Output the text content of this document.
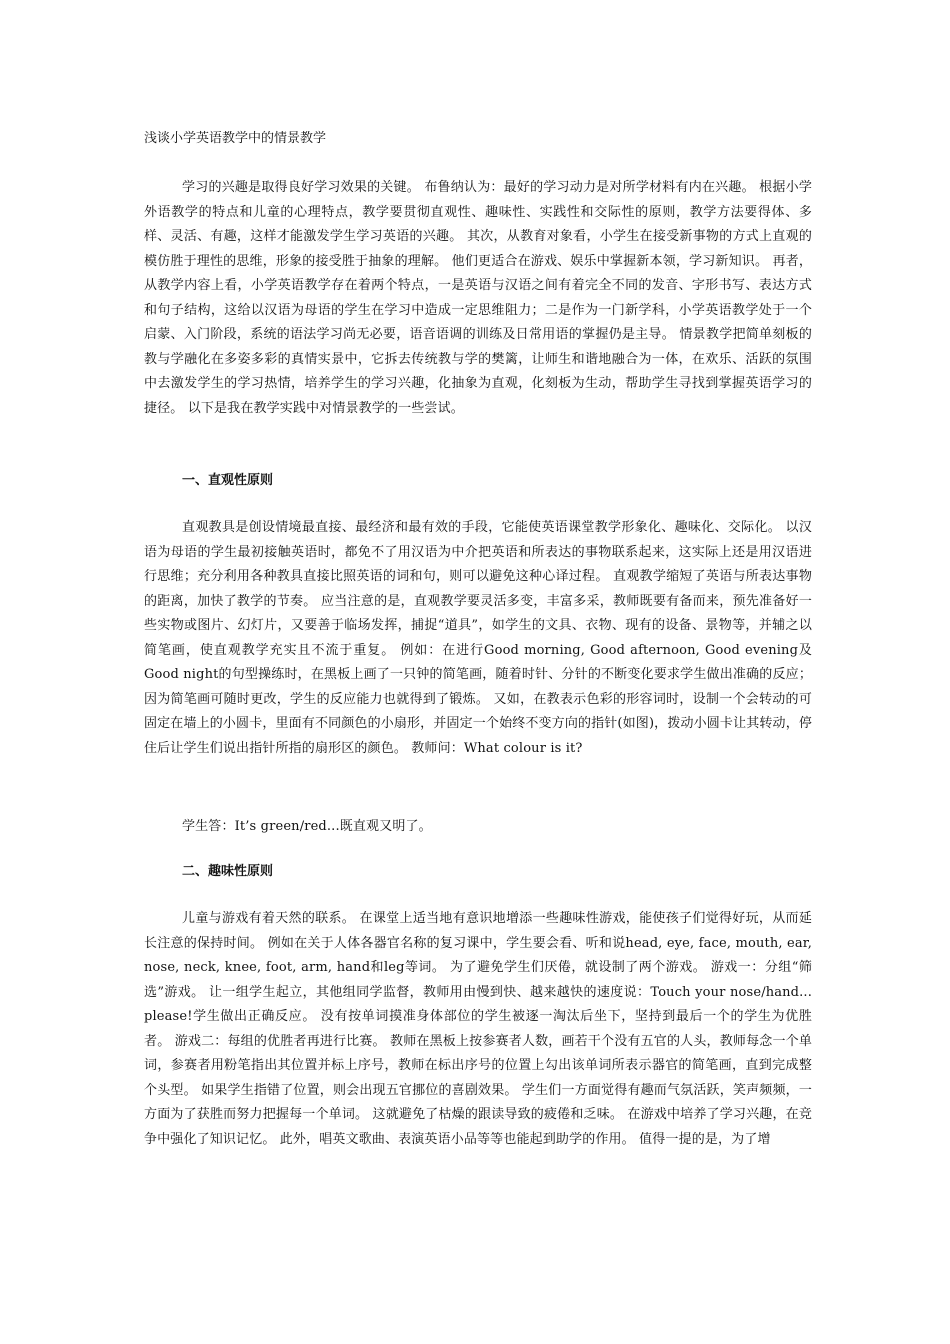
浅谈小学英语教学中的情景教学

学习的兴趣是取得良好学习效果的关键。 布鲁纳认为：最好的学习动力是对所学材料有内在兴趣。 根据小学外语教学的特点和儿童的心理特点，教学要贯彻直观性、趣味性、实践性和交际性的原则，教学方法要得体、多样、灵活、有趣，这样才能激发学生学习英语的兴趣。 其次，从教育对象看，小学生在接受新事物的方式上直观的模仿胜于理性的思维，形象的接受胜于抽象的理解。 他们更适合在游戏、娱乐中掌握新本领，学习新知识。 再者，从教学内容上看，小学英语教学存在着两个特点，一是英语与汉语之间有着完全不同的发音、字形书写、表达方式和句子结构，这给以汉语为母语的学生在学习中造成一定思维阻力；二是作为一门新学科，小学英语教学处于一个启蒙、入门阶段，系统的语法学习尚无必要，语音语调的训练及日常用语的掌握仍是主导。 情景教学把简单刻板的教与学融化在多姿多彩的真情实景中，它拆去传统教与学的樊篱，让师生和谐地融合为一体，在欢乐、活跃的氛围中去激发学生的学习热情，培养学生的学习兴趣，化抽象为直观，化刻板为生动，帮助学生寻找到掌握英语学习的捷径。 以下是我在教学实践中对情景教学的一些尝试。

一、直观性原则

直观教具是创设情境最直接、最经济和最有效的手段，它能使英语课堂教学形象化、趣味化、交际化。 以汉语为母语的学生最初接触英语时，都免不了用汉语为中介把英语和所表达的事物联系起来，这实际上还是用汉语进行思维；充分利用各种教具直接比照英语的词和句，则可以避免这种心译过程。 直观教学缩短了英语与所表达事物的距离，加快了教学的节奏。 应当注意的是，直观教学要灵活多变，丰富多采，教师既要有备而来，预先准备好一些实物或图片、幻灯片，又要善于临场发挥，捕捉“道具”，如学生的文具、衣物、现有的设备、景物等，并辅之以简笔画，使直观教学充实且不流于重复。 例如：在进行Good morning, Good afternoon, Good evening及Good night的句型操练时，在黑板上画了一只钟的简笔画，随着时针、分针的不断变化要求学生做出准确的反应； 因为简笔画可随时更改，学生的反应能力也就得到了锻炼。 又如，在教表示色彩的形容词时，设制一个会转动的可固定在墙上的小圆卡，里面有不同颜色的小扇形，并固定一个始终不变方向的指针(如图)，拨动小圆卡让其转动，停住后让学生们说出指针所指的扇形区的颜色。 教师问：What colour is it?

学生答：It’s green/red...既直观又明了。

二、趣味性原则

儿童与游戏有着天然的联系。 在课堂上适当地有意识地增添一些趣味性游戏，能使孩子们觉得好玩，从而延长注意的保持时间。 例如在关于人体各器官名称的复习课中，学生要会看、听和说head, eye, face, mouth, ear, nose, neck, knee, foot, arm, hand和leg等词。 为了避免学生们厌倦，就设制了两个游戏。 游戏一：分组“筛选”游戏。 让一组学生起立，其他组同学监督，教师用由慢到快、越来越快的速度说：Touch your nose/hand... please!学生做出正确反应。 没有按单词摸准身体部位的学生被逐一淘汰后坐下，坚持到最后一个的学生为优胜者。 游戏二：每组的优胜者再进行比赛。 教师在黑板上按参赛者人数，画若干个没有五官的人头，教师每念一个单词，参赛者用粉笔指出其位置并标上序号，教师在标出序号的位置上勾出该单词所表示器官的简笔画，直到完成整个头型。 如果学生指错了位置，则会出现五官挪位的喜剧效果。 学生们一方面觉得有趣而气氛活跃，笑声频频，一方面为了获胜而努力把握每一个单词。 这就避免了枯燥的跟读导致的疲倦和乏味。 在游戏中培养了学习兴趣，在竞争中强化了知识记忆。 此外，唱英文歌曲、表演英语小品等等也能起到助学的作用。 值得一提的是，为了增
